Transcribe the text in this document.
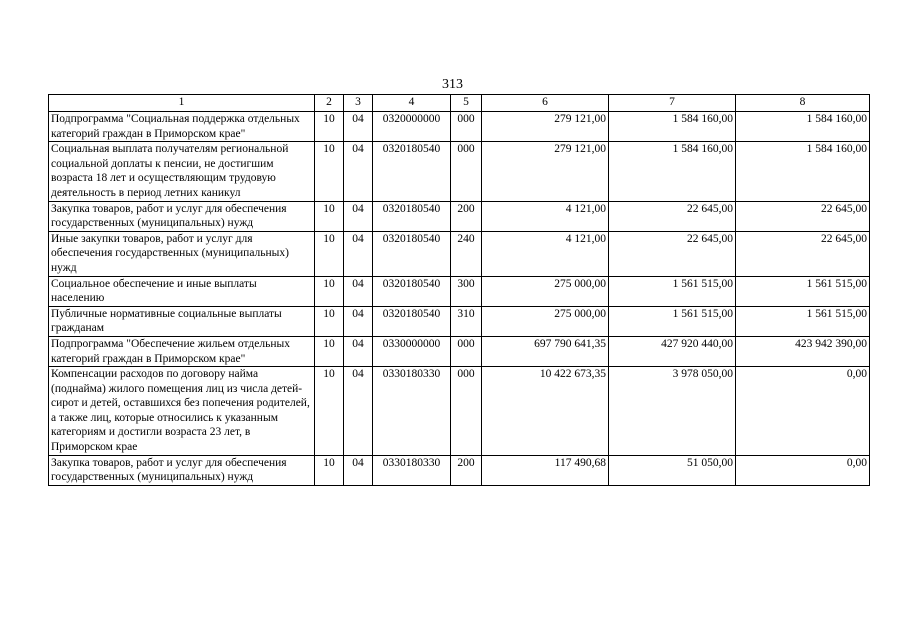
313
1	2	3	4	5	6	7	8
Подпрограмма "Социальная поддержка отдельных категорий граждан в Приморском крае"	10	04	0320000000	000	279 121,00	1 584 160,00	1 584 160,00
Социальная выплата получателям региональной социальной доплаты к пенсии, не достигшим возраста 18 лет и осуществляющим трудовую деятельность в период летних каникул	10	04	0320180540	000	279 121,00	1 584 160,00	1 584 160,00
Закупка товаров, работ и услуг для обеспечения государственных (муниципальных) нужд	10	04	0320180540	200	4 121,00	22 645,00	22 645,00
Иные закупки товаров, работ и услуг для обеспечения государственных (муниципальных) нужд	10	04	0320180540	240	4 121,00	22 645,00	22 645,00
Социальное обеспечение и иные выплаты населению	10	04	0320180540	300	275 000,00	1 561 515,00	1 561 515,00
Публичные нормативные социальные выплаты гражданам	10	04	0320180540	310	275 000,00	1 561 515,00	1 561 515,00
Подпрограмма "Обеспечение жильем отдельных категорий граждан в Приморском крае"	10	04	0330000000	000	697 790 641,35	427 920 440,00	423 942 390,00
Компенсации расходов по договору найма (поднайма) жилого помещения лиц из числа детей-сирот и детей, оставшихся без попечения родителей, а также лиц, которые относились к указанным категориям и достигли возраста 23 лет, в Приморском крае	10	04	0330180330	000	10 422 673,35	3 978 050,00	0,00
Закупка товаров, работ и услуг для обеспечения государственных (муниципальных) нужд	10	04	0330180330	200	117 490,68	51 050,00	0,00
